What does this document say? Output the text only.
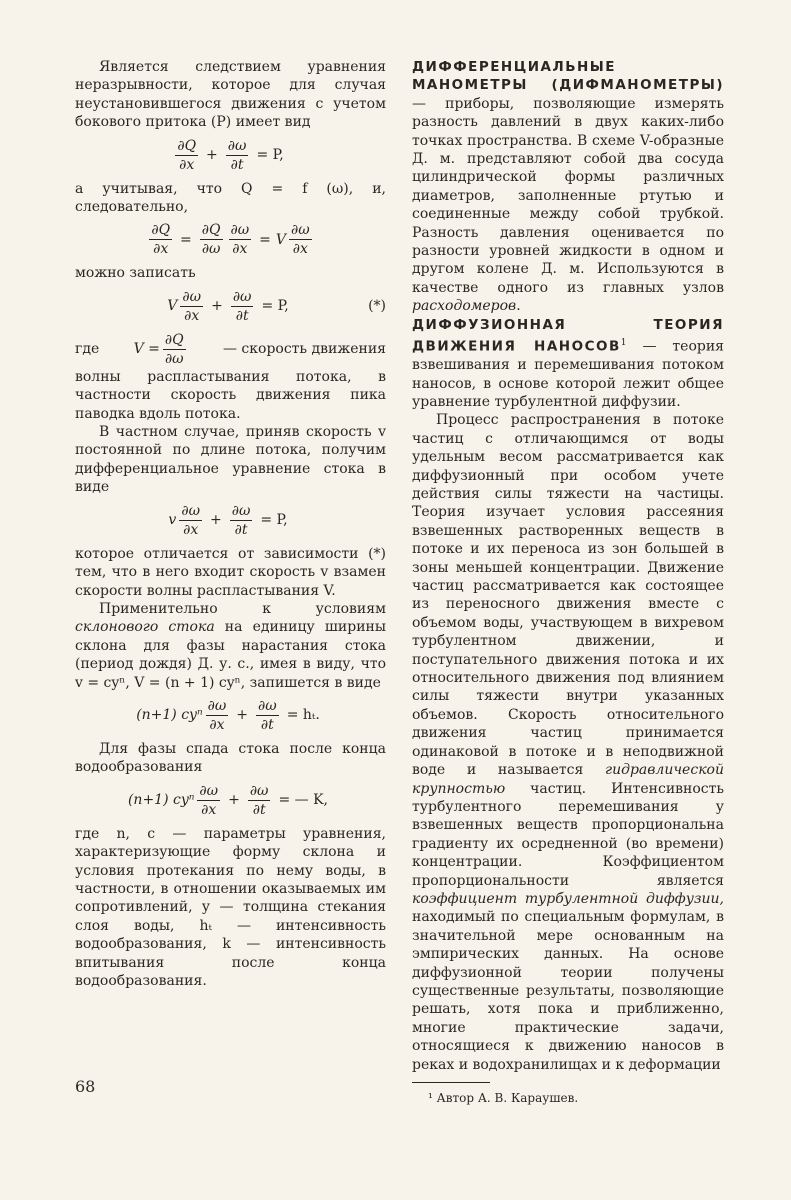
Является следствием уравнения неразрывности, которое для случая неустановившегося движения с учетом бокового притока (P) имеет вид

$\frac{\partial Q}{\partial x} + \frac{\partial\omega}{\partial t} = P$,

а учитывая, что Q = f (ω), и, следовательно,

$\frac{\partial Q}{\partial x} = \frac{\partial Q}{\partial\omega} \frac{\partial\omega}{\partial x} = V \frac{\partial\omega}{\partial x}$

можно записать

V $\frac{\partial\omega}{\partial x} + \frac{\partial\omega}{\partial t} = P$,	(*)
где $V = \frac{\partial Q}{\partial\omega}$	— скорость движения

волны распластывания потока, в частности скорость движения пика паводка вдоль потока.

В частном случае, приняв скорость v постоянной по длине потока, получим дифференциальное уравнение стока в виде

v $\frac{\partial\omega}{\partial x} + \frac{\partial\omega}{\partial t} = P$,

которое отличается от зависимости (*) тем, что в него входит скорость v взамен скорости волны распластывания V.

Применительно к условиям склонового стока на единицу ширины склона для фазы нарастания стока (период дождя) Д. у. с., имея в виду, что v = cyⁿ, V = (n + 1) cyⁿ, запишется в виде

(n+1) cyⁿ $\frac{\partial\omega}{\partial x} + \frac{\partial\omega}{\partial t} = h_t$.

Для фазы спада стока после конца водообразования

(n+1) cyⁿ $\frac{\partial\omega}{\partial x} + \frac{\partial\omega}{\partial t}$ = — K,

где n, c — параметры уравнения, характеризующие форму склона и условия протекания по нему воды, в частности, в отношении оказываемых им сопротивлений, y — толщина стекания слоя воды, hₜ — интенсивность водообразования, k — интенсивность впитывания после конца водообразования.

ДИФФЕРЕНЦИАЛЬНЫЕ МАНОМЕТРЫ (ДИФМАНОМЕТРЫ) — приборы, позволяющие измерять разность давлений в двух каких-либо точках пространства. В схеме V-образные Д. м. представляют собой два сосуда цилиндрической формы различных диаметров, заполненные ртутью и соединенные между собой трубкой. Разность давления оценивается по разности уровней жидкости в одном и другом колене Д. м. Используются в качестве одного из главных узлов расходомеров.

ДИФФУЗИОННАЯ ТЕОРИЯ ДВИЖЕНИЯ НАНОСОВ$^1$ — теория взвешивания и перемешивания потоком наносов, в основе которой лежит общее уравнение турбулентной диффузии.

Процесс распространения в потоке частиц с отличающимся от воды удельным весом рассматривается как диффузионный при особом учете действия силы тяжести на частицы. Теория изучает условия рассеяния взвешенных растворенных веществ в потоке и их переноса из зон большей в зоны меньшей концентрации. Движение частиц рассматривается как состоящее из переносного движения вместе с объемом воды, участвующем в вихревом турбулентном движении, и поступательного движения потока и их относительного движения под влиянием силы тяжести внутри указанных объемов. Скорость относительного движения частиц принимается одинаковой в потоке и в неподвижной воде и называется гидравлической крупностью частиц. Интенсивность турбулентного перемешивания у взвешенных веществ пропорциональна градиенту их осредненной (во времени) концентрации. Коэффициентом пропорциональности является коэффициент турбулентной диффузии, находимый по специальным формулам, в значительной мере основанным на эмпирических данных. На основе диффузионной теории получены существенные результаты, позволяющие решать, хотя пока и приближенно, многие практические задачи, относящиеся к движению наносов в реках и водохранилищах и к деформации

¹ Автор А. В. Караушев.

68
